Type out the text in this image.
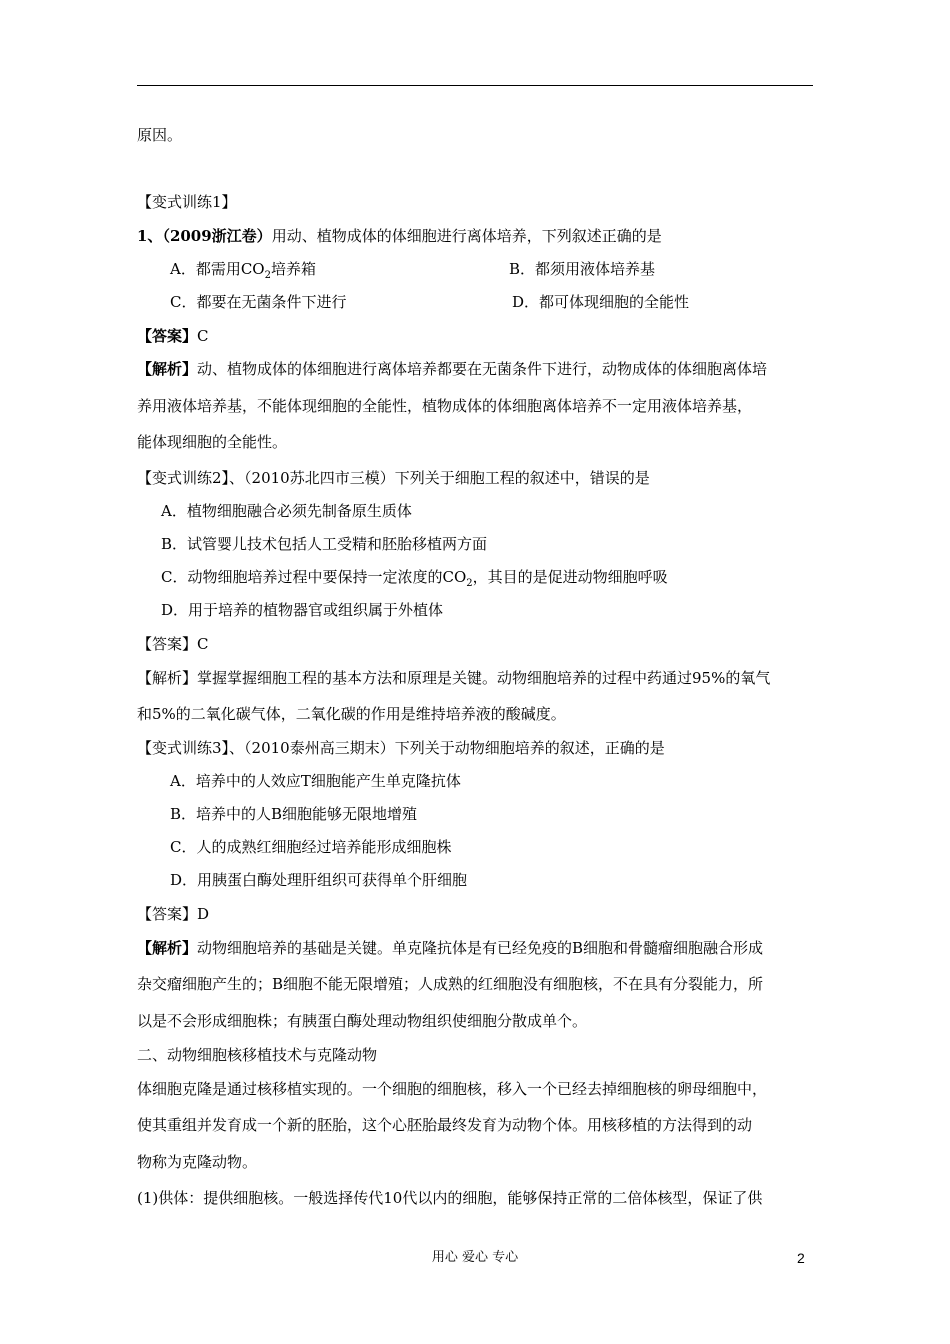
原因。
【变式训练1】
1、（2009浙江卷）用动、植物成体的体细胞进行离体培养，下列叙述正确的是
A．都需用$CO_2$培养箱	B．都须用液体培养基
C．都要在无菌条件下进行	D．都可体现细胞的全能性
【答案】C
【解析】动、植物成体的体细胞进行离体培养都要在无菌条件下进行，动物成体的体细胞离体培
养用液体培养基，不能体现细胞的全能性，植物成体的体细胞离体培养不一定用液体培养基，
能体现细胞的全能性。
【变式训练2】、（2010苏北四市三模）下列关于细胞工程的叙述中，错误的是
A．植物细胞融合必须先制备原生质体
B．试管婴儿技术包括人工受精和胚胎移植两方面
C．动物细胞培养过程中要保持一定浓度的$CO_2$，其目的是促进动物细胞呼吸
D．用于培养的植物器官或组织属于外植体
【答案】C
【解析】掌握掌握细胞工程的基本方法和原理是关键。动物细胞培养的过程中药通过95%的氧气
和5%的二氧化碳气体，二氧化碳的作用是维持培养液的酸碱度。
【变式训练3】、（2010泰州高三期末）下列关于动物细胞培养的叙述，正确的是
A．培养中的人效应T细胞能产生单克隆抗体
B．培养中的人B细胞能够无限地增殖
C．人的成熟红细胞经过培养能形成细胞株
D．用胰蛋白酶处理肝组织可获得单个肝细胞
【答案】D
【解析】动物细胞培养的基础是关键。单克隆抗体是有已经免疫的B细胞和骨髓瘤细胞融合形成
杂交瘤细胞产生的；B细胞不能无限增殖；人成熟的红细胞没有细胞核，不在具有分裂能力，所
以是不会形成细胞株；有胰蛋白酶处理动物组织使细胞分散成单个。
二、动物细胞核移植技术与克隆动物
体细胞克隆是通过核移植实现的。一个细胞的细胞核，移入一个已经去掉细胞核的卵母细胞中，
使其重组并发育成一个新的胚胎，这个心胚胎最终发育为动物个体。用核移植的方法得到的动
物称为克隆动物。
(1)供体：提供细胞核。一般选择传代10代以内的细胞，能够保持正常的二倍体核型，保证了供
用心 爱心 专心	2
